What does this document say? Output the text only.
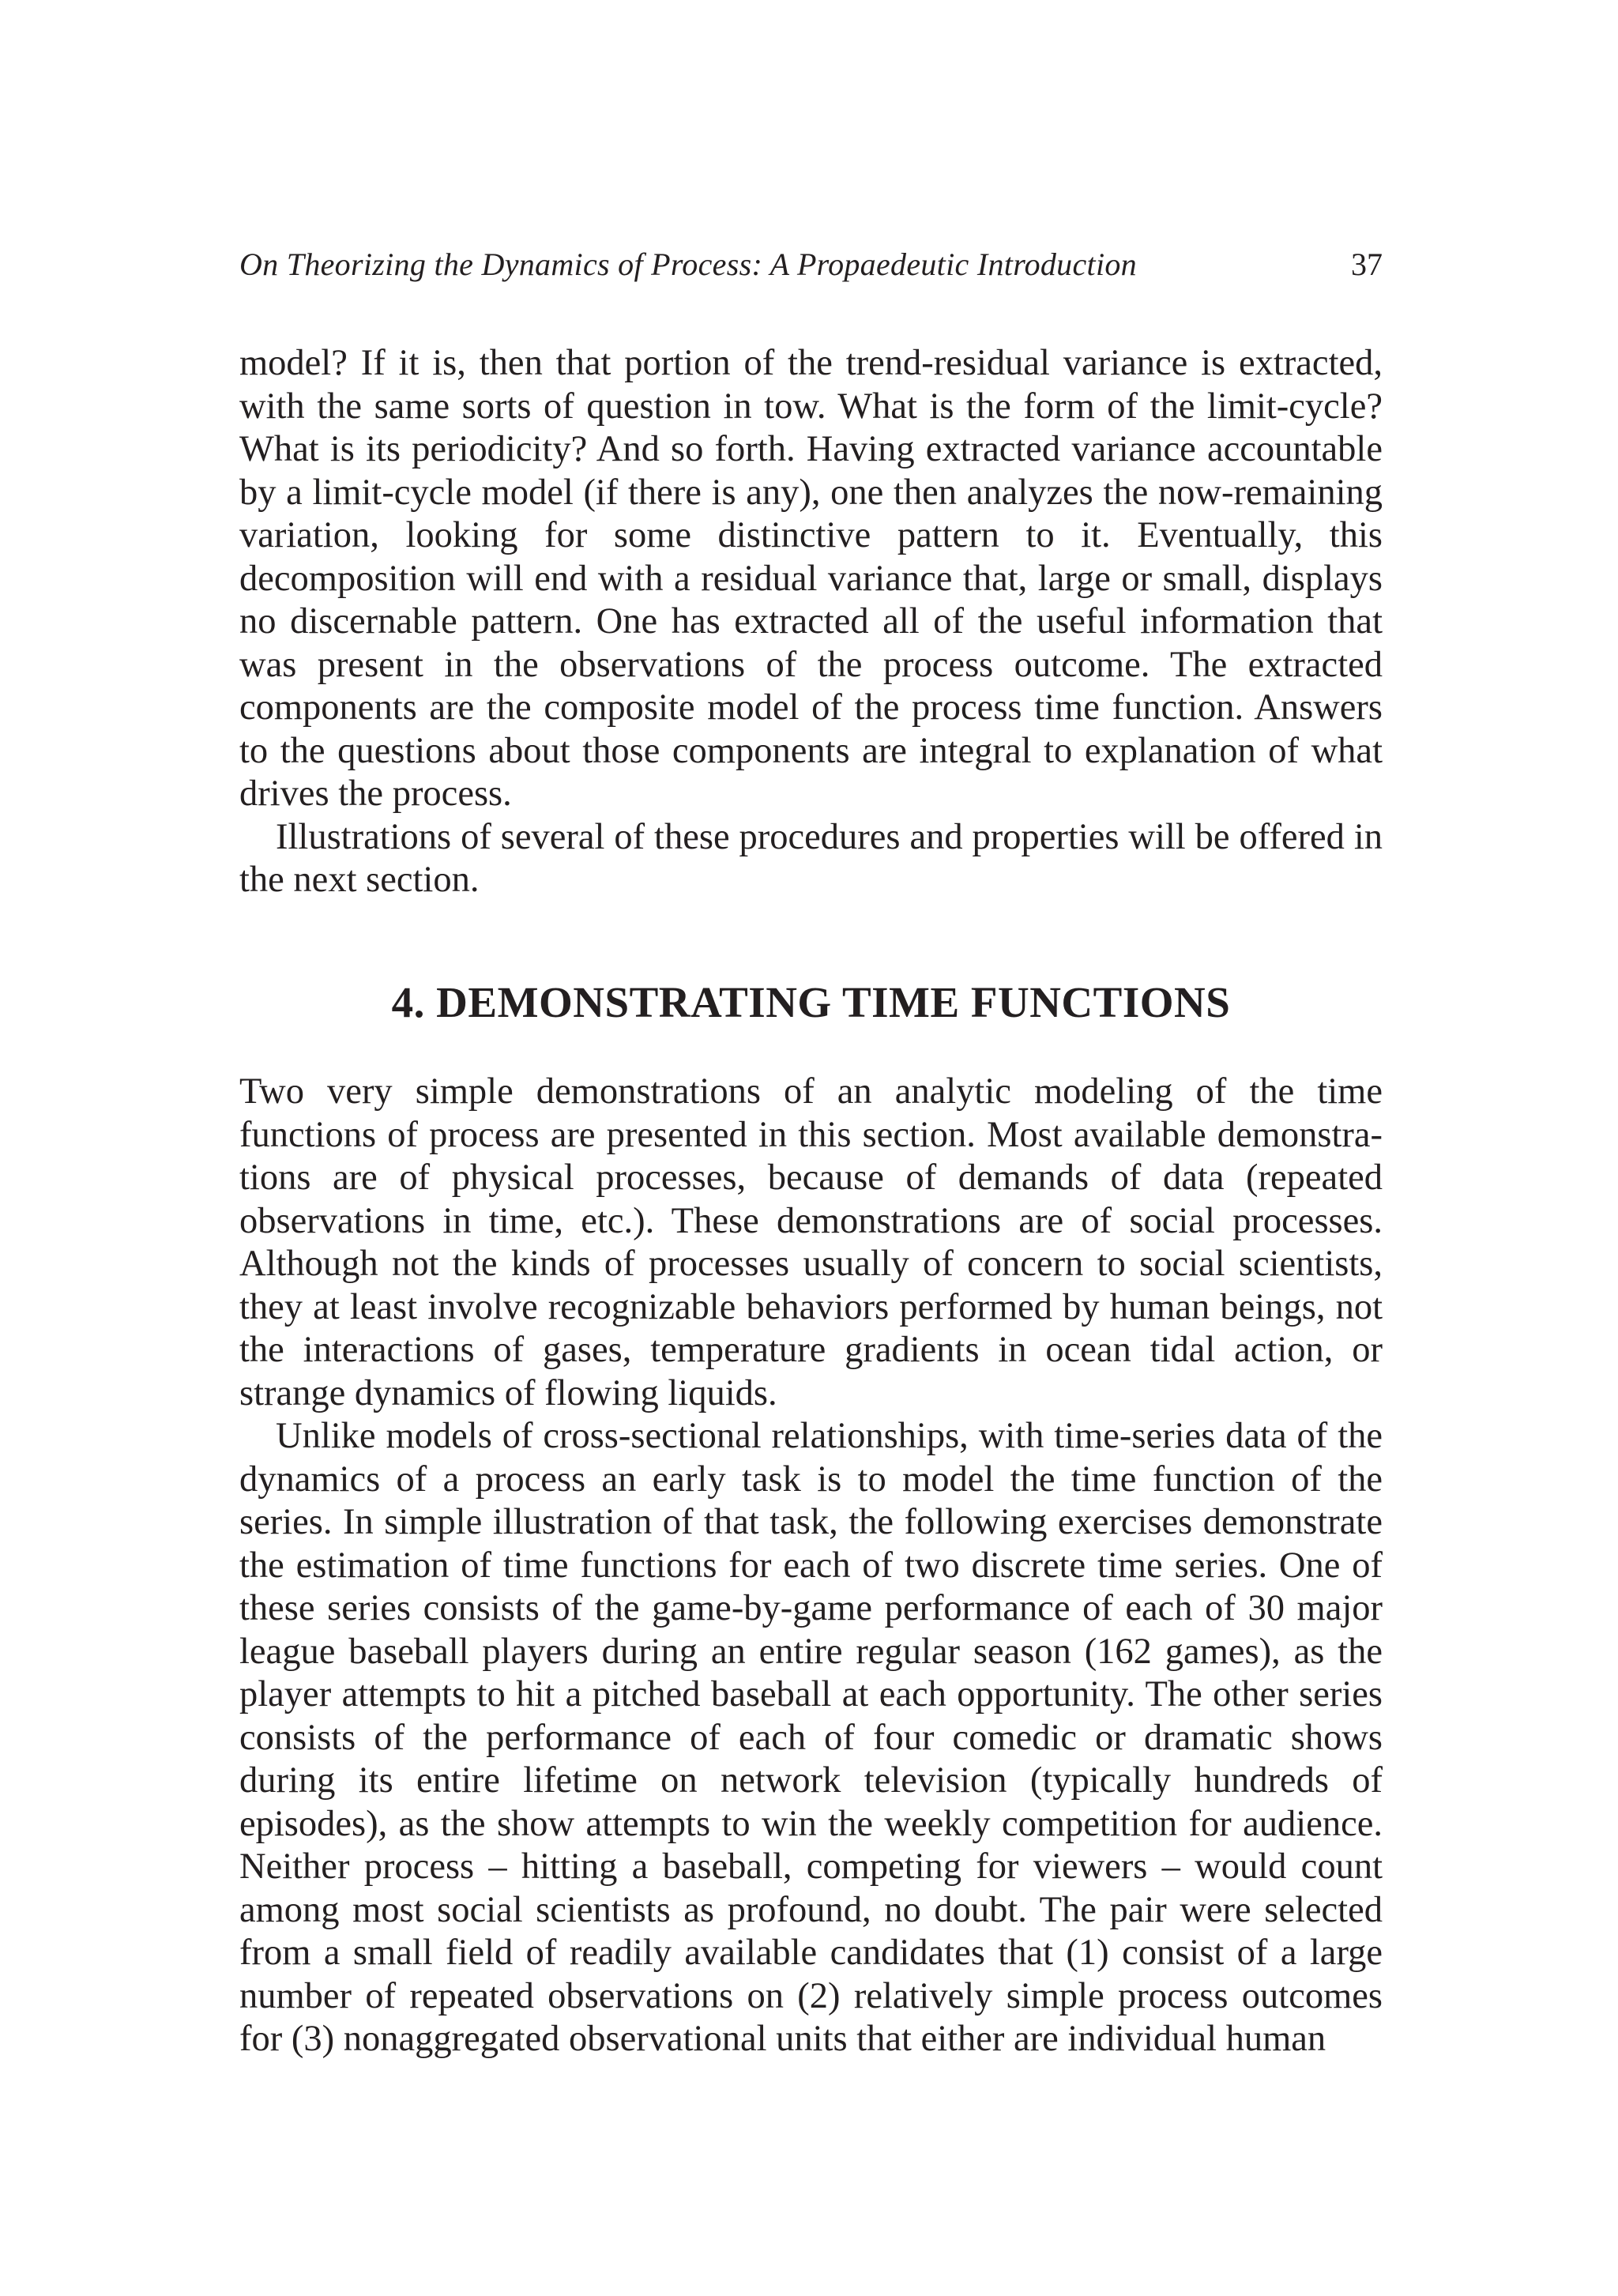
On Theorizing the Dynamics of Process: A Propaedeutic Introduction	37

model? If it is, then that portion of the trend-residual variance is extracted, with the same sorts of question in tow. What is the form of the limit-cycle? What is its periodicity? And so forth. Having extracted variance accountable by a limit-cycle model (if there is any), one then analyzes the now-remaining variation, looking for some distinctive pattern to it. Eventually, this decomposition will end with a residual variance that, large or small, displays no discernable pattern. One has extracted all of the useful information that was present in the observations of the process outcome. The extracted components are the composite model of the process time function. Answers to the questions about those components are integral to explanation of what drives the process.

Illustrations of several of these procedures and properties will be offered in the next section.

4. DEMONSTRATING TIME FUNCTIONS

Two very simple demonstrations of an analytic modeling of the time functions of process are presented in this section. Most available demonstrations are of physical processes, because of demands of data (repeated observations in time, etc.). These demonstrations are of social processes. Although not the kinds of processes usually of concern to social scientists, they at least involve recognizable behaviors performed by human beings, not the interactions of gases, temperature gradients in ocean tidal action, or strange dynamics of flowing liquids.

Unlike models of cross-sectional relationships, with time-series data of the dynamics of a process an early task is to model the time function of the series. In simple illustration of that task, the following exercises demonstrate the estimation of time functions for each of two discrete time series. One of these series consists of the game-by-game performance of each of 30 major league baseball players during an entire regular season (162 games), as the player attempts to hit a pitched baseball at each opportunity. The other series consists of the performance of each of four comedic or dramatic shows during its entire lifetime on network television (typically hundreds of episodes), as the show attempts to win the weekly competition for audience. Neither process – hitting a baseball, competing for viewers – would count among most social scientists as profound, no doubt. The pair were selected from a small field of readily available candidates that (1) consist of a large number of repeated observations on (2) relatively simple process outcomes for (3) nonaggregated observational units that either are individual human
